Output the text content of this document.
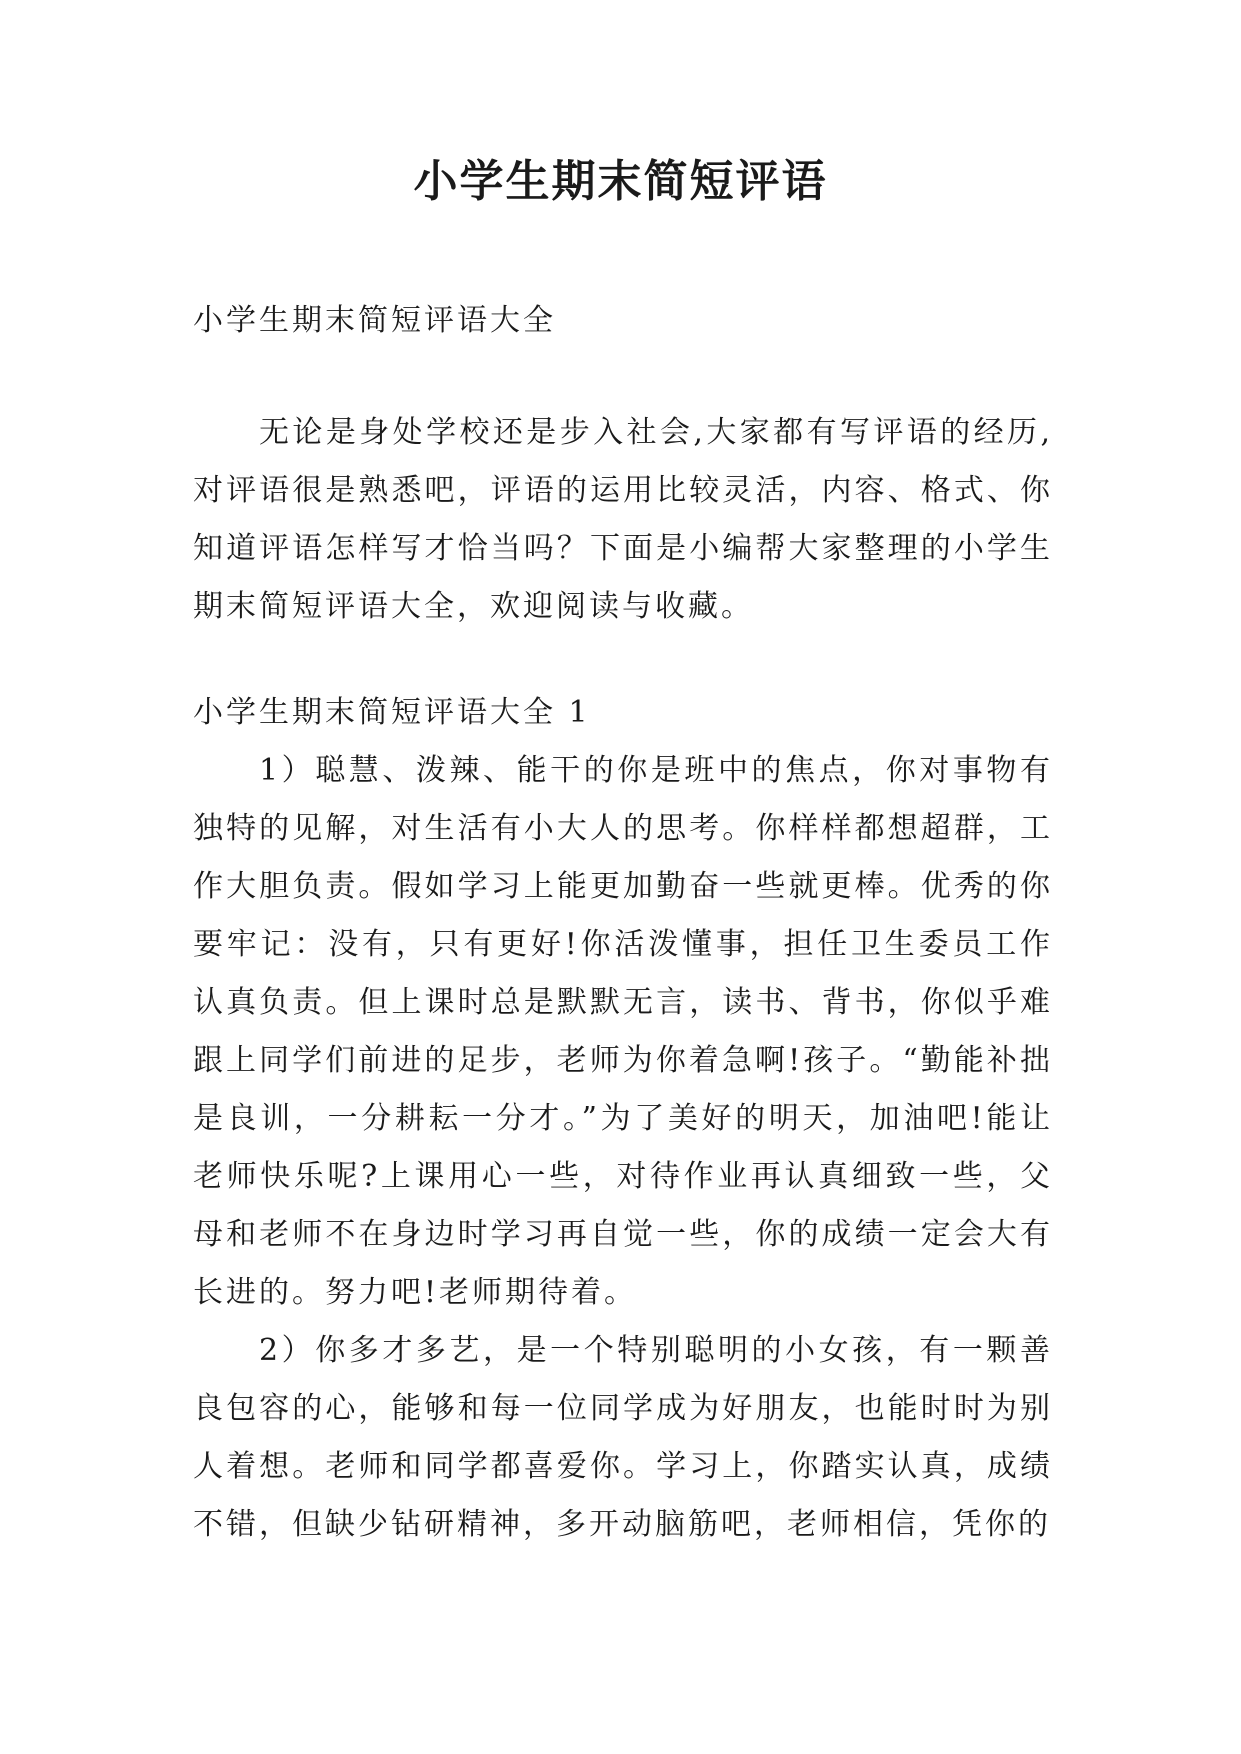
小学生期末简短评语

小学生期末简短评语大全

无论是身处学校还是步入社会,大家都有写评语的经历,对评语很是熟悉吧，评语的运用比较灵活，内容、格式、你知道评语怎样写才恰当吗？下面是小编帮大家整理的小学生期末简短评语大全，欢迎阅读与收藏。

小学生期末简短评语大全 1

1）聪慧、泼辣、能干的你是班中的焦点，你对事物有独特的见解，对生活有小大人的思考。你样样都想超群，工作大胆负责。假如学习上能更加勤奋一些就更棒。优秀的你要牢记：没有，只有更好!你活泼懂事，担任卫生委员工作认真负责。但上课时总是默默无言，读书、背书，你似乎难跟上同学们前进的足步，老师为你着急啊!孩子。“勤能补拙是良训，一分耕耘一分才。”为了美好的明天，加油吧!能让老师快乐呢?上课用心一些，对待作业再认真细致一些，父母和老师不在身边时学习再自觉一些，你的成绩一定会大有长进的。努力吧!老师期待着。

2）你多才多艺，是一个特别聪明的小女孩，有一颗善良包容的心，能够和每一位同学成为好朋友，也能时时为别人着想。老师和同学都喜爱你。学习上，你踏实认真，成绩不错，但缺少钻研精神，多开动脑筋吧，老师相信，凭你的
